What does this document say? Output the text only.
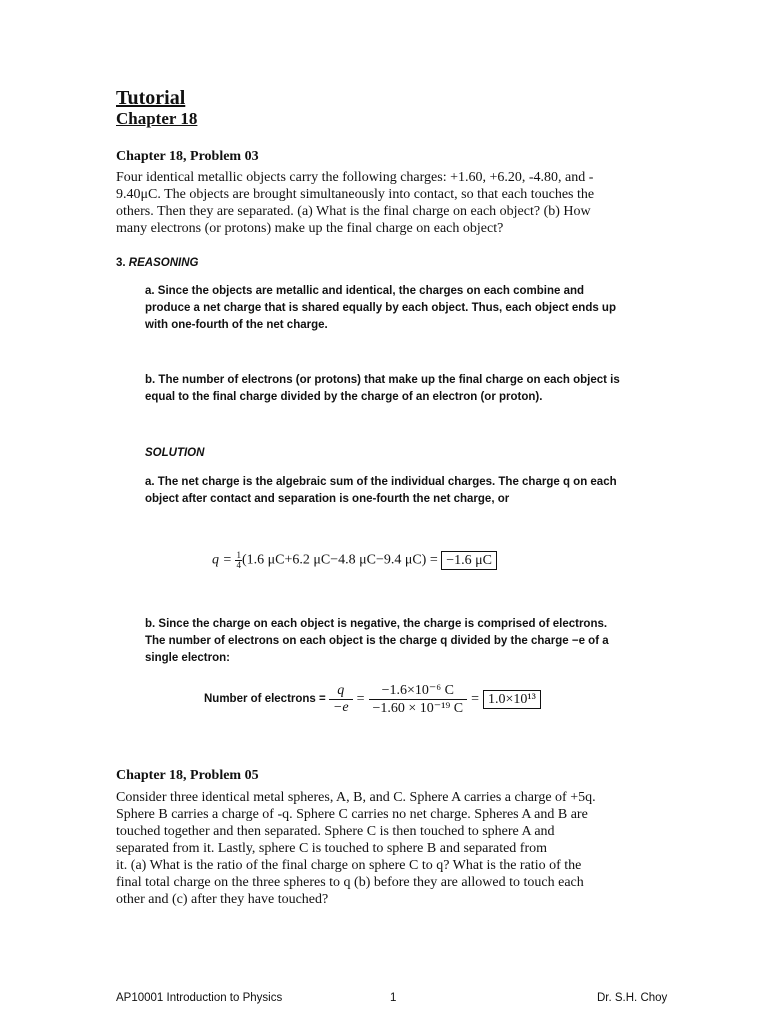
Tutorial
Chapter 18
Chapter 18, Problem 03
Four identical metallic objects carry the following charges: +1.60, +6.20, -4.80, and -
9.40μC. The objects are brought simultaneously into contact, so that each touches the
others. Then they are separated. (a) What is the final charge on each object? (b) How
many electrons (or protons) make up the final charge on each object?
3. REASONING
a. Since the objects are metallic and identical, the charges on each combine and
produce a net charge that is shared equally by each object. Thus, each object ends up
with one-fourth of the net charge.
b. The number of electrons (or protons) that make up the final charge on each object is
equal to the final charge divided by the charge of an electron (or proton).
SOLUTION
a. The net charge is the algebraic sum of the individual charges. The charge q on each
object after contact and separation is one-fourth the net charge, or
$q = \frac{1}{4} (1.6$ μC+6.2 μC−4.8 μC−9.4 μC) = −1.6 μC
b. Since the charge on each object is negative, the charge is comprised of electrons.
The number of electrons on each object is the charge q divided by the charge −e of a
single electron:
Number of electrons = $\frac{q}{-e} = \frac{\text{−1.6×10⁻⁶ C}}{\text{−1.60 × 10⁻¹⁹ C}} = 1.0\times 10^{13}$
Chapter 18, Problem 05
Consider three identical metal spheres, A, B, and C. Sphere A carries a charge of +5q.
Sphere B carries a charge of -q. Sphere C carries no net charge. Spheres A and B are
touched together and then separated. Sphere C is then touched to sphere A and
separated from it. Lastly, sphere C is touched to sphere B and separated from
it. (a) What is the ratio of the final charge on sphere C to q? What is the ratio of the
final total charge on the three spheres to q (b) before they are allowed to touch each
other and (c) after they have touched?
AP10001 Introduction to Physics	1	Dr. S.H. Choy
